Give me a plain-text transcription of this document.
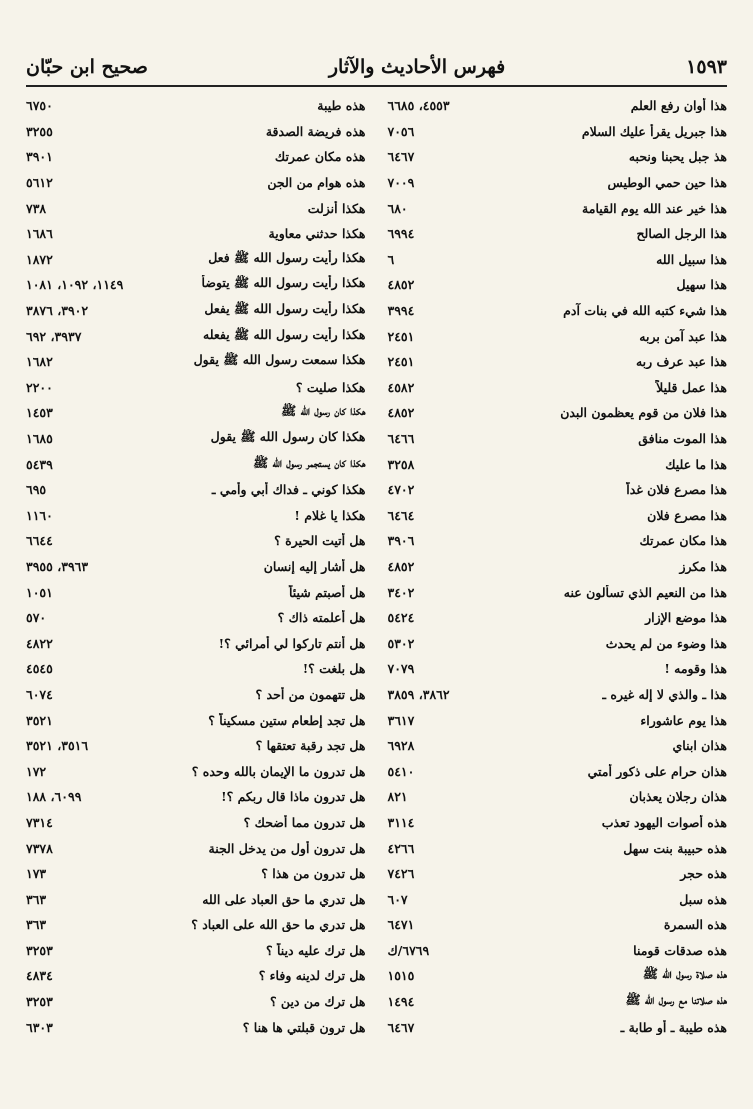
صحيح ابن حبّان	فهرس الأحاديث والآثار	١٥٩٣
هذا أوان رفع العلم
٤٥٥٣، ٦٦٨٥
هذا جبريل يقرأ عليك السلام
٧٠٥٦
هذ جبل يحبنا ونحبه
٦٤٦٧
هذا حين حمي الوطيس
٧٠٠٩
هذا خير عند الله يوم القيامة
٦٨٠
هذا الرجل الصالح
٦٩٩٤
هذا سبيل الله
٦
هذا سهيل
٤٨٥٢
هذا شيء كتبه الله في بنات آدم
٣٩٩٤
هذا عبد آمن بربه
٢٤٥١
هذا عبد عرف ربه
٢٤٥١
هذا عمل قليلاً
٤٥٨٢
هذا فلان من قوم يعظمون البدن
٤٨٥٢
هذا الموت منافق
٦٤٦٦
هذا ما عليك
٣٢٥٨
هذا مصرع فلان غداً
٤٧٠٢
هذا مصرع فلان
٦٤٦٤
هذا مكان عمرتك
٣٩٠٦
هذا مكرز
٤٨٥٢
هذا من النعيم الذي تسألون عنه
٣٤٠٢
هذا موضع الإزار
٥٤٢٤
هذا وضوء من لم يحدث
٥٣٠٢
هذا وقومه !
٧٠٧٩
هذا ـ والذي لا إله غيره ـ
٣٨٦٢، ٣٨٥٩
هذا يوم عاشوراء
٣٦١٧
هذان ابناي
٦٩٢٨
هذان حرام على ذكور أمتي
٥٤١٠
هذان رجلان يعذبان
٨٢١
هذه أصوات اليهود تعذب
٣١١٤
هذه حبيبة بنت سهل
٤٢٦٦
هذه حجر
٧٤٢٦
هذه سبل
٦٠٧
هذه السمرة
٦٤٧١
هذه صدقات قومنا
٦٧٦٩/ك
هذه صلاة رسول الله ﷺ
١٥١٥
هذه صلاتنا مع رسول الله ﷺ
١٤٩٤
هذه طيبة ـ أو طابة ـ
٦٤٦٧
هذه طيبة
٦٧٥٠
هذه فريضة الصدقة
٣٢٥٥
هذه مكان عمرتك
٣٩٠١
هذه هوام من الجن
٥٦١٢
هكذا أنزلت
٧٣٨
هكذا حدثني معاوية
١٦٨٦
هكذا رأيت رسول الله ﷺ فعل
١٨٧٢
هكذا رأيت رسول الله ﷺ يتوضأ
١١٤٩، ١٠٩٢، ١٠٨١
هكذا رأيت رسول الله ﷺ يفعل
٣٩٠٢، ٣٨٧٦
هكذا رأيت رسول الله ﷺ يفعله
٣٩٣٧، ٦٩٢
هكذا سمعت رسول الله ﷺ يقول
١٦٨٢
هكذا صليت ؟
٢٢٠٠
هكذا كان رسول الله ﷺ
١٤٥٣
هكذا كان رسول الله ﷺ يقول
١٦٨٥
هكذا كان يستجمر رسول الله ﷺ
٥٤٣٩
هكذا كوني ـ فداك أبي وأمي ـ
٦٩٥
هكذا يا غلام !
١١٦٠
هل أتيت الحيرة ؟
٦٦٤٤
هل أشار إليه إنسان
٣٩٦٣، ٣٩٥٥
هل أصبتم شيئاً
١٠٥١
هل أعلمته ذاك ؟
٥٧٠
هل أنتم تاركوا لي أمرائي ؟!
٤٨٢٢
هل بلغت ؟!
٤٥٤٥
هل تتهمون من أحد ؟
٦٠٧٤
هل تجد إطعام ستين مسكيناً ؟
٣٥٢١
هل تجد رقبة تعتقها ؟
٣٥١٦، ٣٥٢١
هل تدرون ما الإيمان بالله وحده ؟
١٧٢
هل تدرون ماذا قال ربكم ؟!
٦٠٩٩، ١٨٨
هل تدرون مما أضحك ؟
٧٣١٤
هل تدرون أول من يدخل الجنة
٧٣٧٨
هل تدرون من هذا ؟
١٧٣
هل تدري ما حق العباد على الله
٣٦٣
هل تدري ما حق الله على العباد ؟
٣٦٣
هل ترك عليه ديناً ؟
٣٢٥٣
هل ترك لدينه وفاء ؟
٤٨٣٤
هل ترك من دين ؟
٣٢٥٣
هل ترون قبلتي ها هنا ؟
٦٣٠٣
